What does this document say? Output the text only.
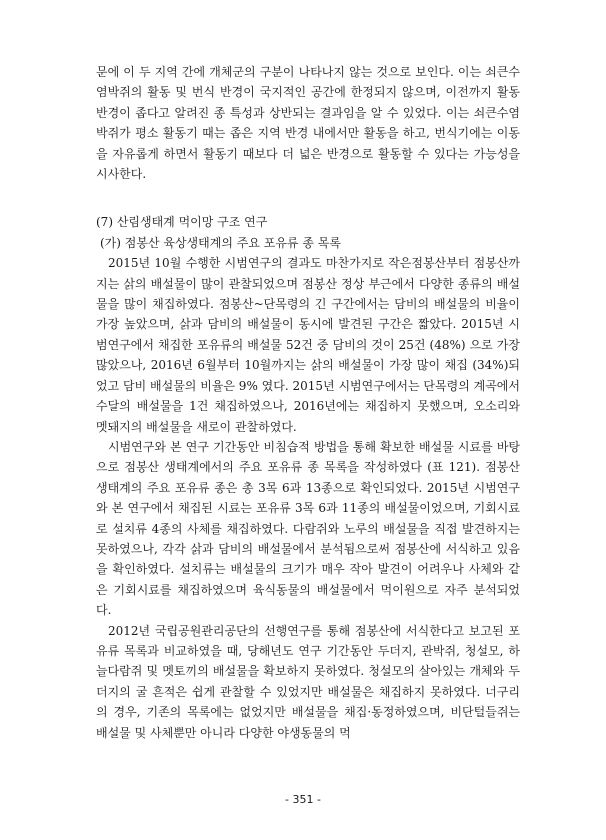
문에 이 두 지역 간에 개체군의 구분이 나타나지 않는 것으로 보인다. 이는 쇠큰수염박쥐의 활동 및 번식 반경이 국지적인 공간에 한정되지 않으며, 이전까지 활동 반경이 좁다고 알려진 종 특성과 상반되는 결과임을 알 수 있었다. 이는 쇠큰수염박쥐가 평소 활동기 때는 좁은 지역 반경 내에서만 활동을 하고, 번식기에는 이동을 자유롭게 하면서 활동기 때보다 더 넓은 반경으로 활동할 수 있다는 가능성을 시사한다.

(7) 산림생태계 먹이망 구조 연구

(가) 점봉산 육상생태계의 주요 포유류 종 목록

2015년 10월 수행한 시범연구의 결과도 마찬가지로 작은점봉산부터 점봉산까지는 삵의 배설물이 많이 관찰되었으며 점봉산 정상 부근에서 다양한 종류의 배설물을 많이 채집하였다. 점봉산~단목령의 긴 구간에서는 담비의 배설물의 비율이 가장 높았으며, 삵과 담비의 배설물이 동시에 발견된 구간은 짧았다. 2015년 시범연구에서 채집한 포유류의 배설물 52건 중 담비의 것이 25건 (48%) 으로 가장 많았으나, 2016년 6월부터 10월까지는 삵의 배설물이 가장 많이 채집 (34%)되었고 담비 배설물의 비율은 9% 였다. 2015년 시범연구에서는 단목령의 계곡에서 수달의 배설물을 1건 채집하였으나, 2016년에는 채집하지 못했으며, 오소리와 멧돼지의 배설물을 새로이 관찰하였다.

시범연구와 본 연구 기간동안 비침습적 방법을 통해 확보한 배설물 시료를 바탕으로 점봉산 생태계에서의 주요 포유류 종 목록을 작성하였다 (표 121). 점봉산 생태계의 주요 포유류 종은 총 3목 6과 13종으로 확인되었다. 2015년 시범연구와 본 연구에서 채집된 시료는 포유류 3목 6과 11종의 배설물이었으며, 기회시료로 설치류 4종의 사체를 채집하였다. 다람쥐와 노루의 배설물을 직접 발견하지는 못하였으나, 각각 삵과 담비의 배설물에서 분석됨으로써 점봉산에 서식하고 있음을 확인하였다. 설치류는 배설물의 크기가 매우 작아 발견이 어려우나 사체와 같은 기회시료를 채집하였으며 육식동물의 배설물에서 먹이원으로 자주 분석되었다.

2012년 국립공원관리공단의 선행연구를 통해 점봉산에 서식한다고 보고된 포유류 목록과 비교하였을 때, 당해년도 연구 기간동안 두더지, 관박쥐, 청설모, 하늘다람쥐 및 멧토끼의 배설물을 확보하지 못하였다. 청설모의 살아있는 개체와 두더지의 굴 흔적은 쉽게 관찰할 수 있었지만 배설물은 채집하지 못하였다. 너구리의 경우, 기존의 목록에는 없었지만 배설물을 채집·동정하였으며, 비단털들쥐는 배설물 및 사체뿐만 아니라 다양한 야생동물의 먹

- 351 -
